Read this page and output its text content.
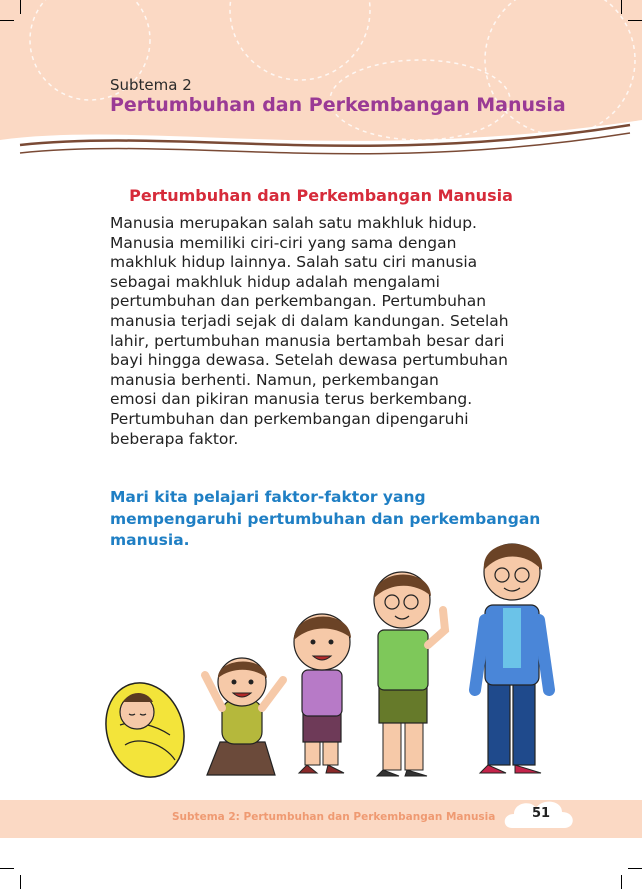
Subtema 2
Pertumbuhan dan Perkembangan Manusia
Pertumbuhan dan Perkembangan Manusia
Manusia merupakan salah satu makhluk hidup.
Manusia memiliki ciri-ciri yang sama dengan
makhluk hidup lainnya. Salah satu ciri manusia
sebagai makhluk hidup adalah mengalami
pertumbuhan dan perkembangan. Pertumbuhan
manusia terjadi sejak di dalam kandungan. Setelah
lahir, pertumbuhan manusia bertambah besar dari
bayi hingga dewasa. Setelah dewasa pertumbuhan
manusia berhenti. Namun, perkembangan
emosi dan pikiran manusia terus berkembang.
Pertumbuhan dan perkembangan dipengaruhi
beberapa faktor.
Mari kita pelajari faktor-faktor yang
mempengaruhi pertumbuhan dan perkembangan
manusia.
Subtema 2: Pertumbuhan dan Perkembangan Manusia	51
